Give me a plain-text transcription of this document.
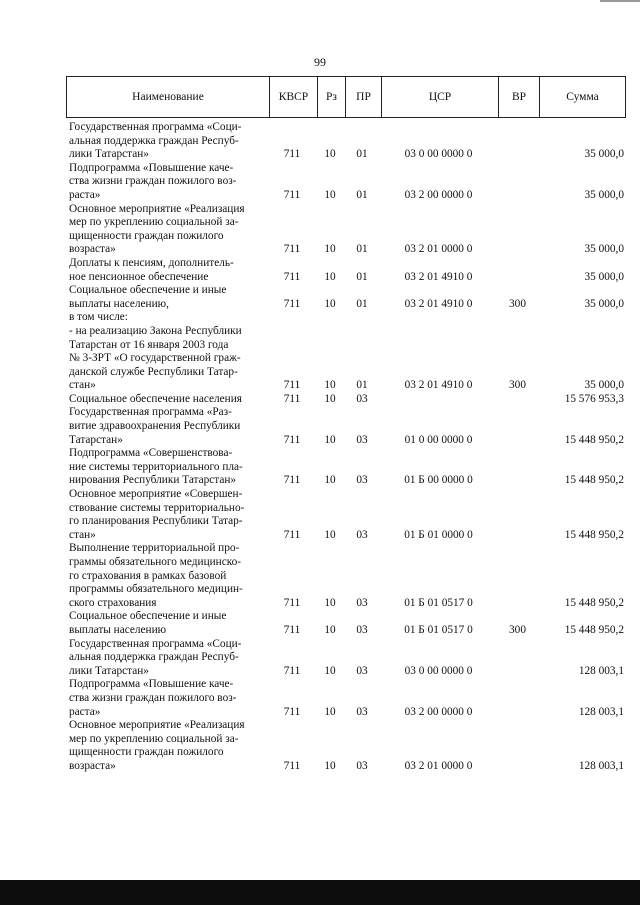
99
Наименование	КВСР	Рз	ПР	ЦСР	ВР	Сумма
Государственная программа «Соци-
альная поддержка граждан Респуб-
лики Татарстан»	711	10	01	03 0 00 0000 0	35 000,0
Подпрограмма «Повышение каче-
ства жизни граждан пожилого воз-
раста»	711	10	01	03 2 00 0000 0	35 000,0
Основное мероприятие «Реализация
мер по укреплению социальной за-
щищенности граждан пожилого
возраста»	711	10	01	03 2 01 0000 0	35 000,0
Доплаты к пенсиям, дополнитель-
ное пенсионное обеспечение	711	10	01	03 2 01 4910 0	35 000,0
Социальное обеспечение и иные
выплаты населению,	711	10	01	03 2 01 4910 0	300	35 000,0
в том числе:
- на реализацию Закона Республики
Татарстан от 16 января 2003 года
№ 3-ЗРТ «О государственной граж-
данской службе Республики Татар-
стан»	711	10	01	03 2 01 4910 0	300	35 000,0
Социальное обеспечение населения	711	10	03	15 576 953,3
Государственная программа «Раз-
витие здравоохранения Республики
Татарстан»	711	10	03	01 0 00 0000 0	15 448 950,2
Подпрограмма «Совершенствова-
ние системы территориального пла-
нирования Республики Татарстан»	711	10	03	01 Б 00 0000 0	15 448 950,2
Основное мероприятие «Совершен-
ствование системы территориально-
го планирования Республики Татар-
стан»	711	10	03	01 Б 01 0000 0	15 448 950,2
Выполнение территориальной про-
граммы обязательного медицинско-
го страхования в рамках базовой
программы обязательного медицин-
ского страхования	711	10	03	01 Б 01 0517 0	15 448 950,2
Социальное обеспечение и иные
выплаты населению	711	10	03	01 Б 01 0517 0	300	15 448 950,2
Государственная программа «Соци-
альная поддержка граждан Респуб-
лики Татарстан»	711	10	03	03 0 00 0000 0	128 003,1
Подпрограмма «Повышение каче-
ства жизни граждан пожилого воз-
раста»	711	10	03	03 2 00 0000 0	128 003,1
Основное мероприятие «Реализация
мер по укреплению социальной за-
щищенности граждан пожилого
возраста»	711	10	03	03 2 01 0000 0	128 003,1
